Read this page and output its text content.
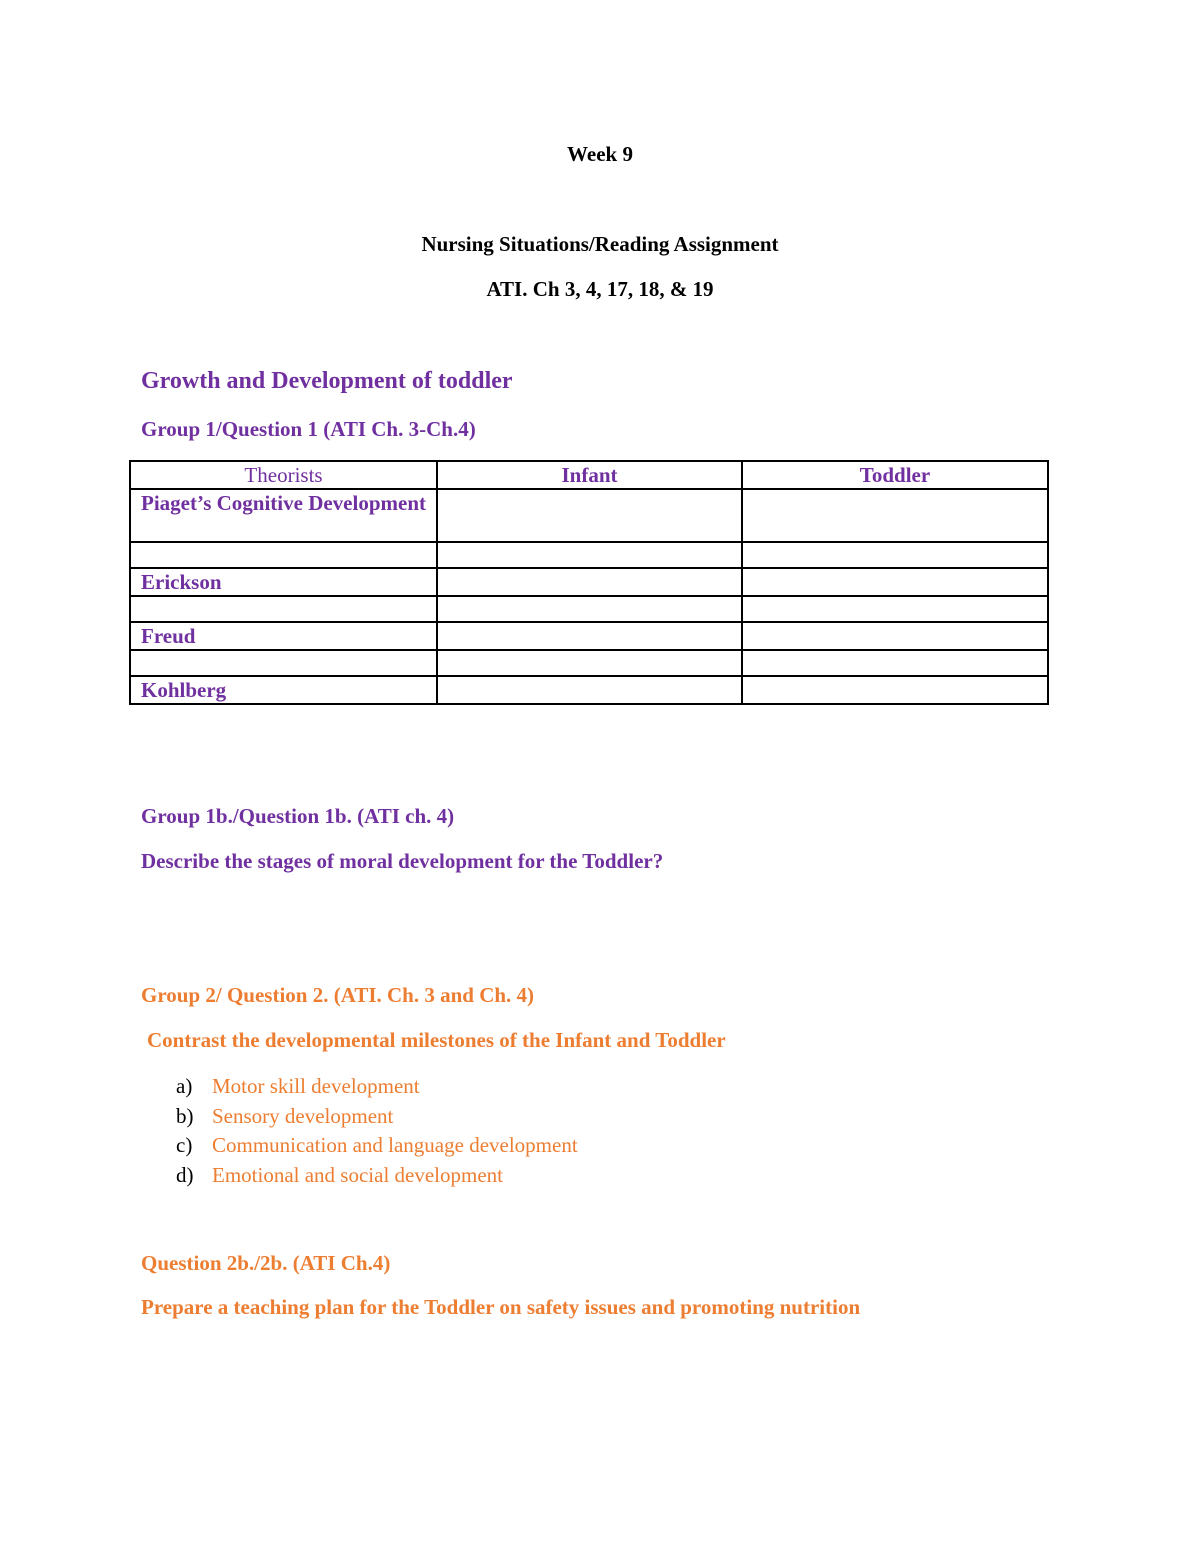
Week 9

Nursing Situations/Reading Assignment

ATI. Ch 3, 4, 17, 18, & 19

Growth and Development of toddler

Group 1/Question 1 (ATI Ch. 3-Ch.4)

Theorists	Infant	Toddler
Piaget’s Cognitive Development		

Erickson		

Freud		

Kohlberg		

Group 1b./Question 1b. (ATI ch. 4)

Describe the stages of moral development for the Toddler?

Group 2/ Question 2. (ATI. Ch. 3 and Ch. 4)

Contrast the developmental milestones of the Infant and Toddler

a) Motor skill development
b) Sensory development
c) Communication and language development
d) Emotional and social development

Question 2b./2b. (ATI Ch.4)

Prepare a teaching plan for the Toddler on safety issues and promoting nutrition
